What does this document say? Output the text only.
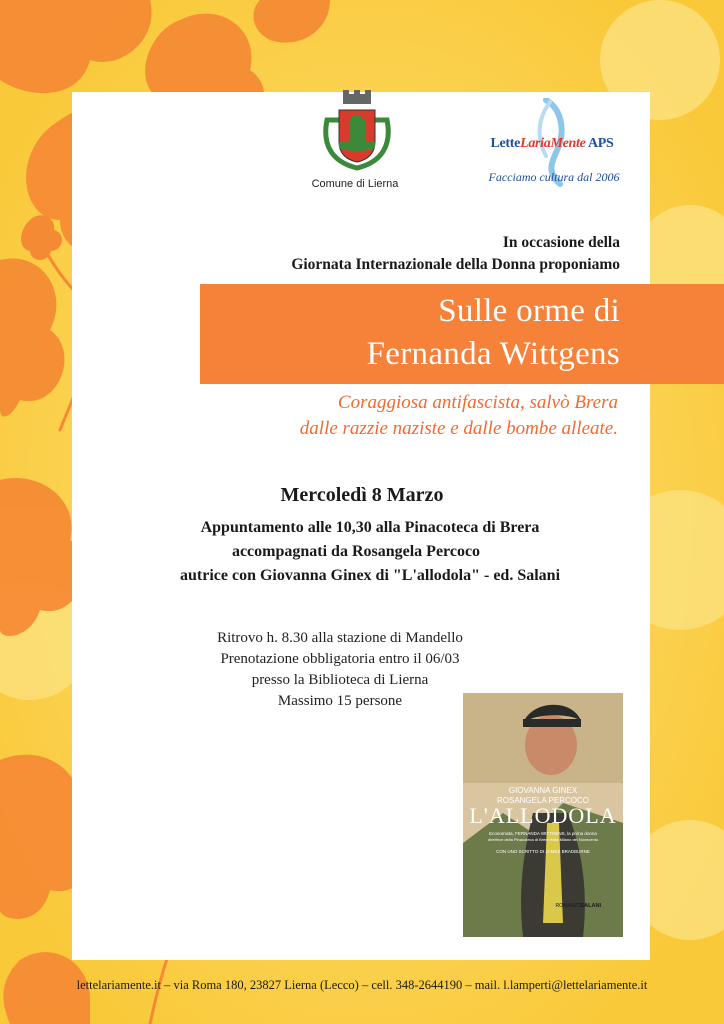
Comune di Lierna
LetteLariaMente APS
Facciamo cultura dal 2006
In occasione della
Giornata Internazionale della Donna proponiamo
Sulle orme di
Fernanda Wittgens
Coraggiosa antifascista, salvò Brera
dalle razzie naziste e dalle bombe alleate.
Mercoledì 8 Marzo
Appuntamento alle 10,30 alla Pinacoteca di Brera
accompagnati da Rosangela Percoco
autrice con Giovanna Ginex di "L'allodola" - ed. Salani
Ritrovo h. 8.30 alla stazione di Mandello
Prenotazione obbligatoria entro il 06/03
presso la Biblioteca di Lierna
Massimo 15 persone
GIOVANNA GINEX
ROSANGELA PERCOCO
L'ALLODOLA
Economista, FERNANDA WITTGENS, la prima donna
direttrice della Pinacoteca di Brera nella Milano del Novecento
CON UNO SCRITTO DI JAMES BRADBURNE
ROMANZO SALANI
lettelariamente.it – via Roma 180, 23827 Lierna (Lecco) – cell. 348-2644190 – mail. l.lamperti@lettelariamente.it
